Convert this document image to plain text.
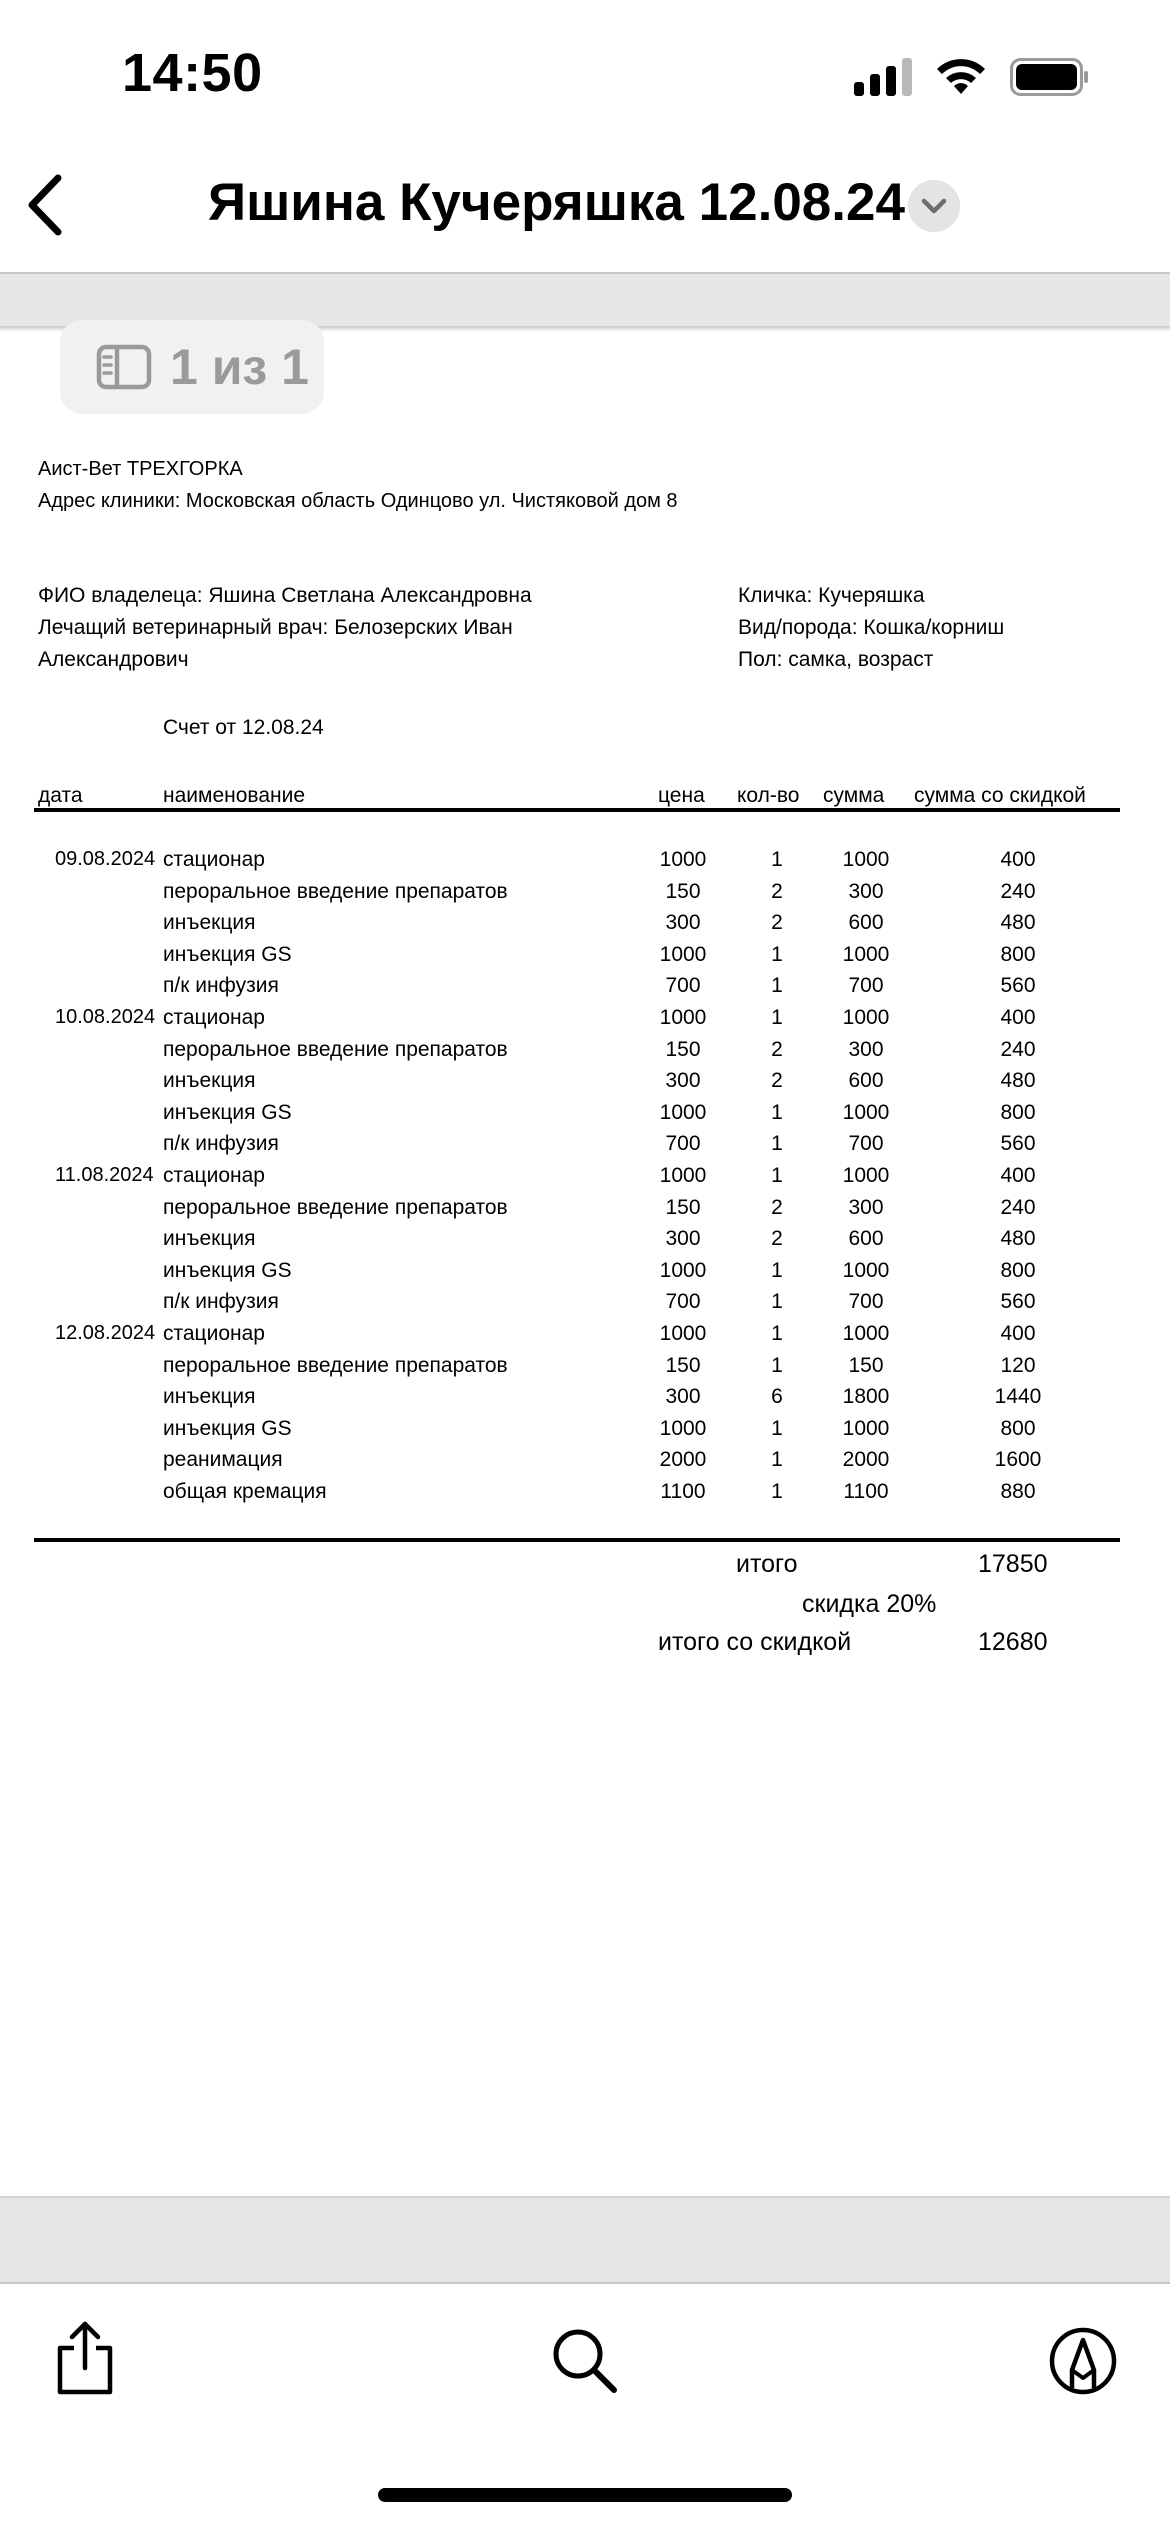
14:50
Яшина Кучеряшка 12.08.24
1 из 1
Аист-Вет ТРЕХГОРКА
Адрес клиники: Московская область Одинцово ул. Чистяковой дом 8
ФИО владелеца: Яшина Светлана Александровна
Лечащий ветеринарный врач: Белозерских Иван
Александрович
Кличка: Кучеряшка
Вид/порода: Кошка/корниш
Пол: самка, возраст
Счет от 12.08.24
дата	наименование	цена кол-во сумма сумма со скидкой
09.08.2024 стационар	1000	1	1000	400
пероральное введение препаратов	150	2	300	240
инъекция	300	2	600	480
инъекция GS	1000	1	1000	800
п/к инфузия	700	1	700	560
10.08.2024 стационар	1000	1	1000	400
пероральное введение препаратов	150	2	300	240
инъекция	300	2	600	480
инъекция GS	1000	1	1000	800
п/к инфузия	700	1	700	560
11.08.2024 стационар	1000	1	1000	400
пероральное введение препаратов	150	2	300	240
инъекция	300	2	600	480
инъекция GS	1000	1	1000	800
п/к инфузия	700	1	700	560
12.08.2024 стационар	1000	1	1000	400
пероральное введение препаратов	150	1	150	120
инъекция	300	6	1800	1440
инъекция GS	1000	1	1000	800
реанимация	2000	1	2000	1600
общая кремация	1100	1	1100	880
итого	17850
скидка 20%
итого со скидкой	12680
